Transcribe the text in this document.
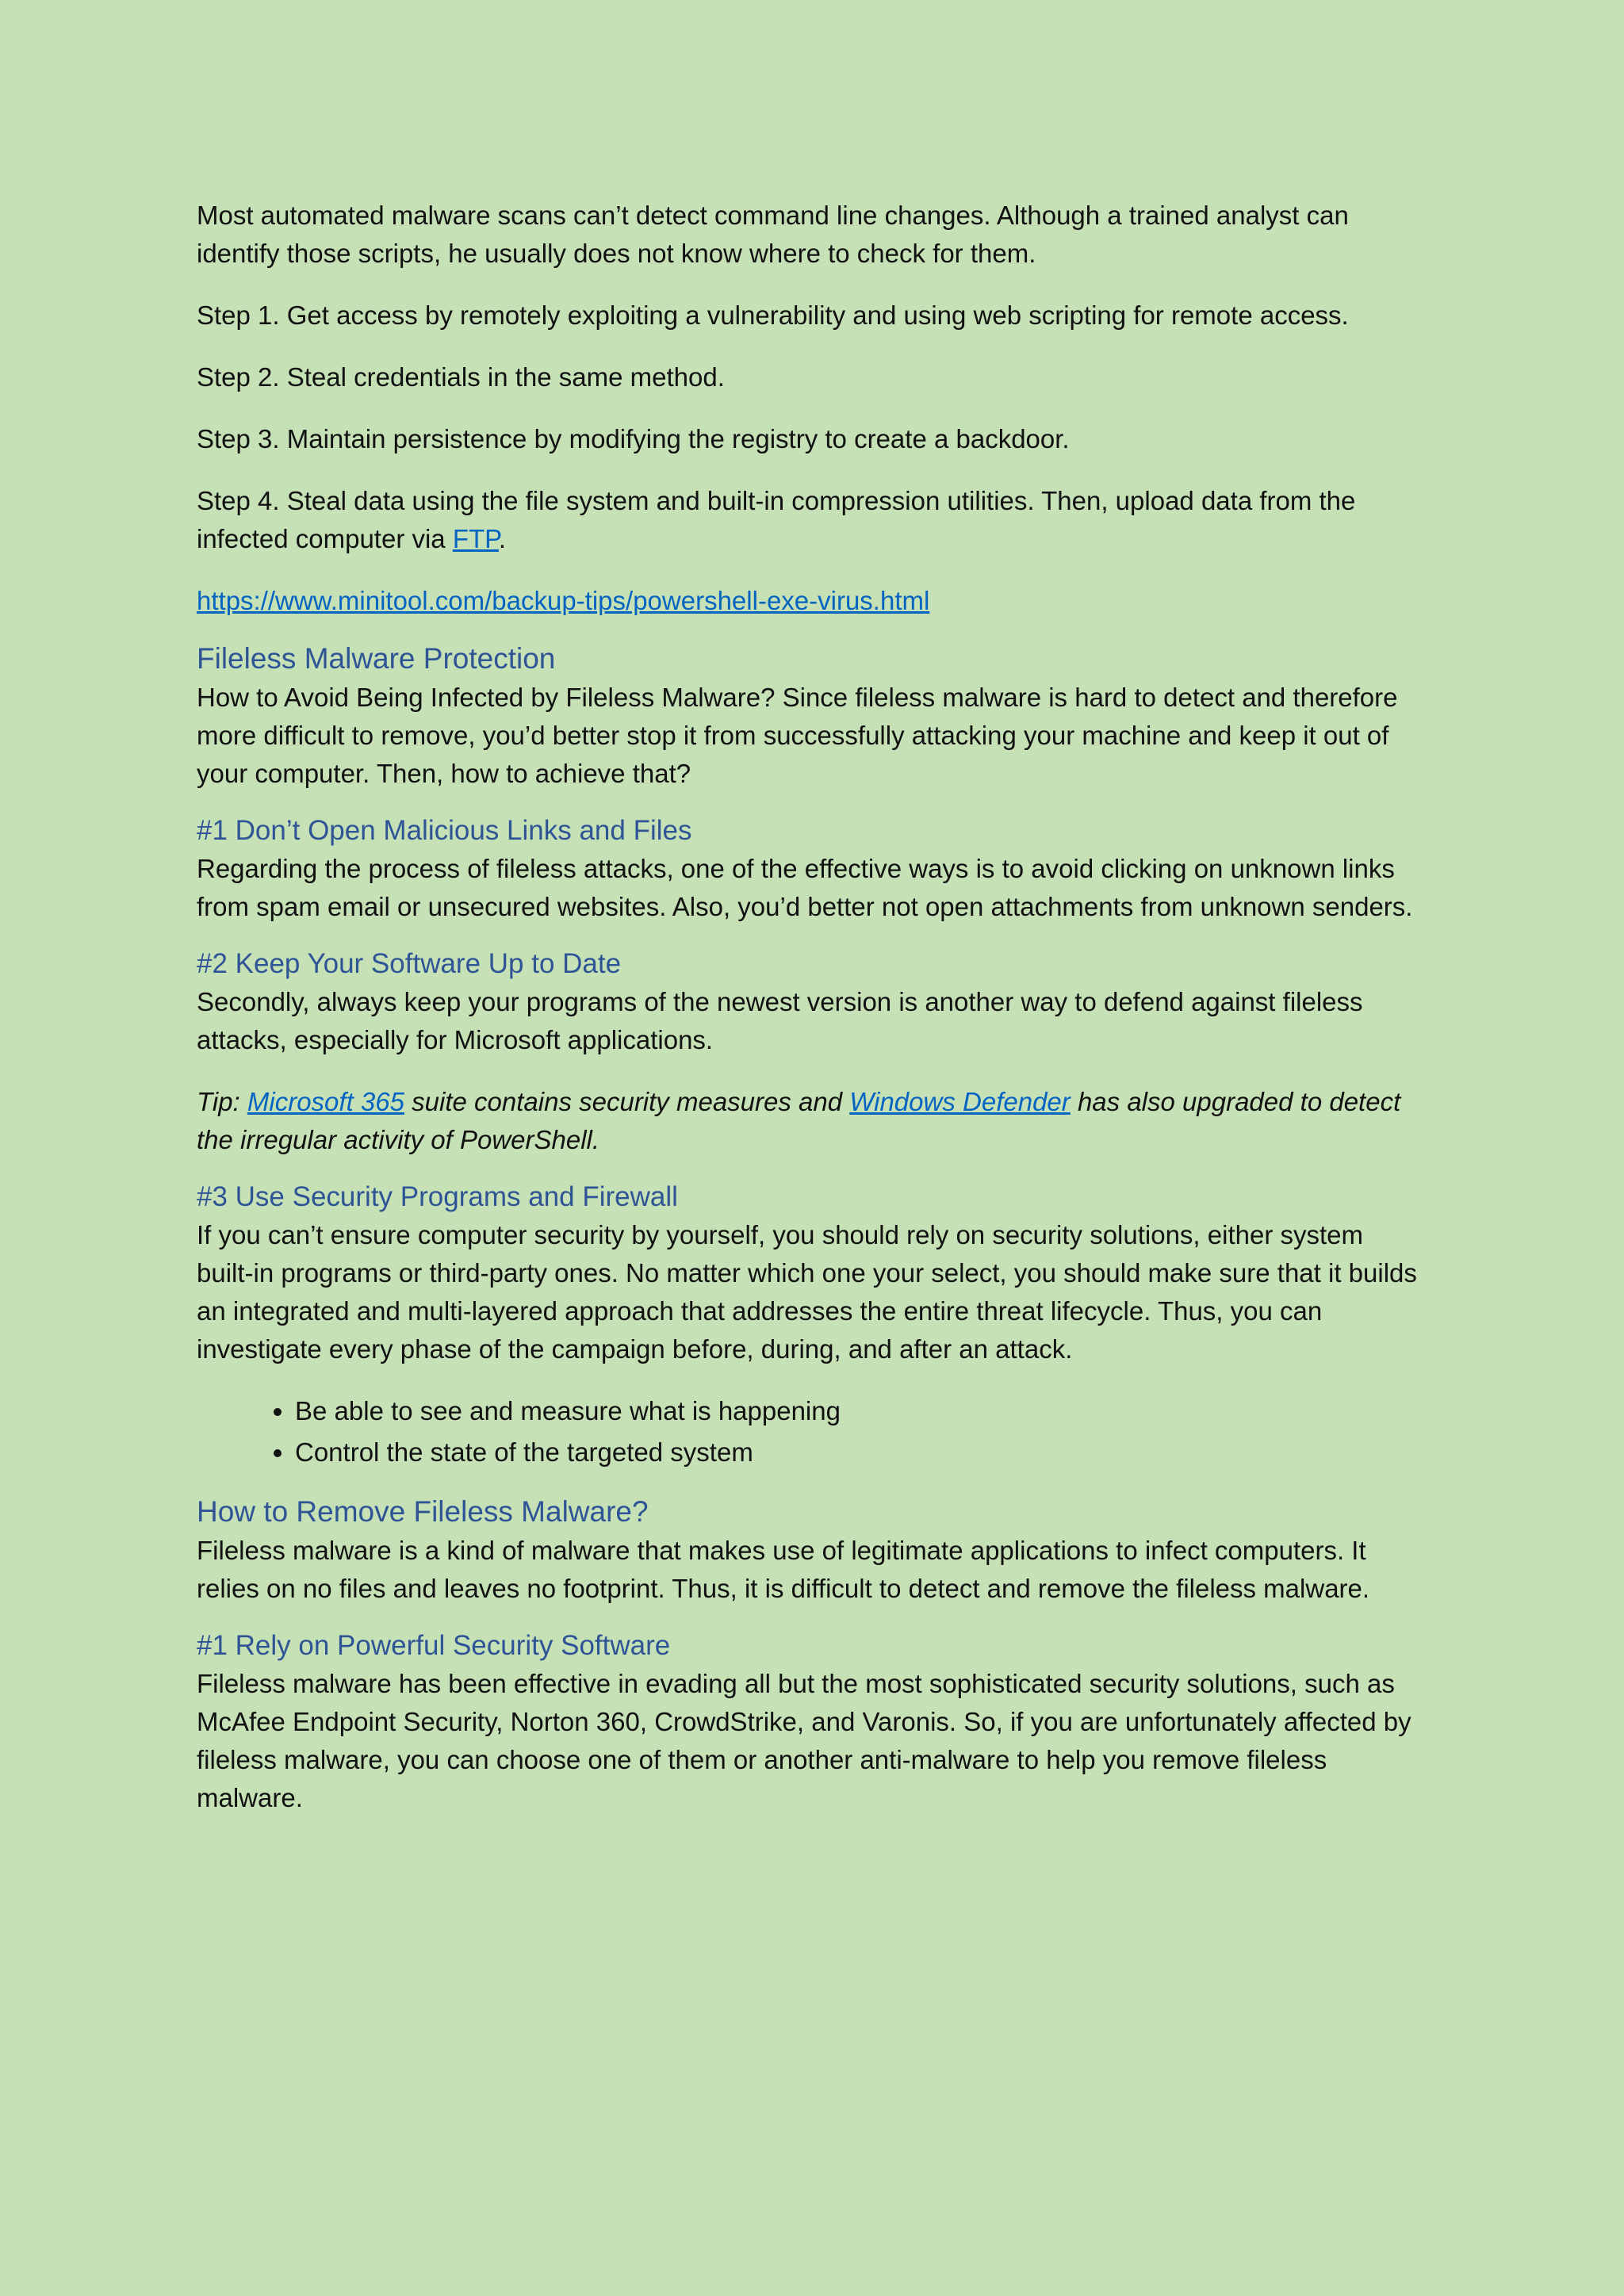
Most automated malware scans can’t detect command line changes. Although a trained analyst can identify those scripts, he usually does not know where to check for them.

Step 1. Get access by remotely exploiting a vulnerability and using web scripting for remote access.

Step 2. Steal credentials in the same method.

Step 3. Maintain persistence by modifying the registry to create a backdoor.

Step 4. Steal data using the file system and built-in compression utilities. Then, upload data from the infected computer via FTP.

https://www.minitool.com/backup-tips/powershell-exe-virus.html

Fileless Malware Protection

How to Avoid Being Infected by Fileless Malware? Since fileless malware is hard to detect and therefore more difficult to remove, you’d better stop it from successfully attacking your machine and keep it out of your computer. Then, how to achieve that?

#1 Don’t Open Malicious Links and Files

Regarding the process of fileless attacks, one of the effective ways is to avoid clicking on unknown links from spam email or unsecured websites. Also, you’d better not open attachments from unknown senders.

#2 Keep Your Software Up to Date

Secondly, always keep your programs of the newest version is another way to defend against fileless attacks, especially for Microsoft applications.

Tip: Microsoft 365 suite contains security measures and Windows Defender has also upgraded to detect the irregular activity of PowerShell.

#3 Use Security Programs and Firewall

If you can’t ensure computer security by yourself, you should rely on security solutions, either system built-in programs or third-party ones. No matter which one your select, you should make sure that it builds an integrated and multi-layered approach that addresses the entire threat lifecycle. Thus, you can investigate every phase of the campaign before, during, and after an attack.

• Be able to see and measure what is happening
• Control the state of the targeted system
How to Remove Fileless Malware?

Fileless malware is a kind of malware that makes use of legitimate applications to infect computers. It relies on no files and leaves no footprint. Thus, it is difficult to detect and remove the fileless malware.

#1 Rely on Powerful Security Software

Fileless malware has been effective in evading all but the most sophisticated security solutions, such as McAfee Endpoint Security, Norton 360, CrowdStrike, and Varonis. So, if you are unfortunately affected by fileless malware, you can choose one of them or another anti-malware to help you remove fileless malware.
